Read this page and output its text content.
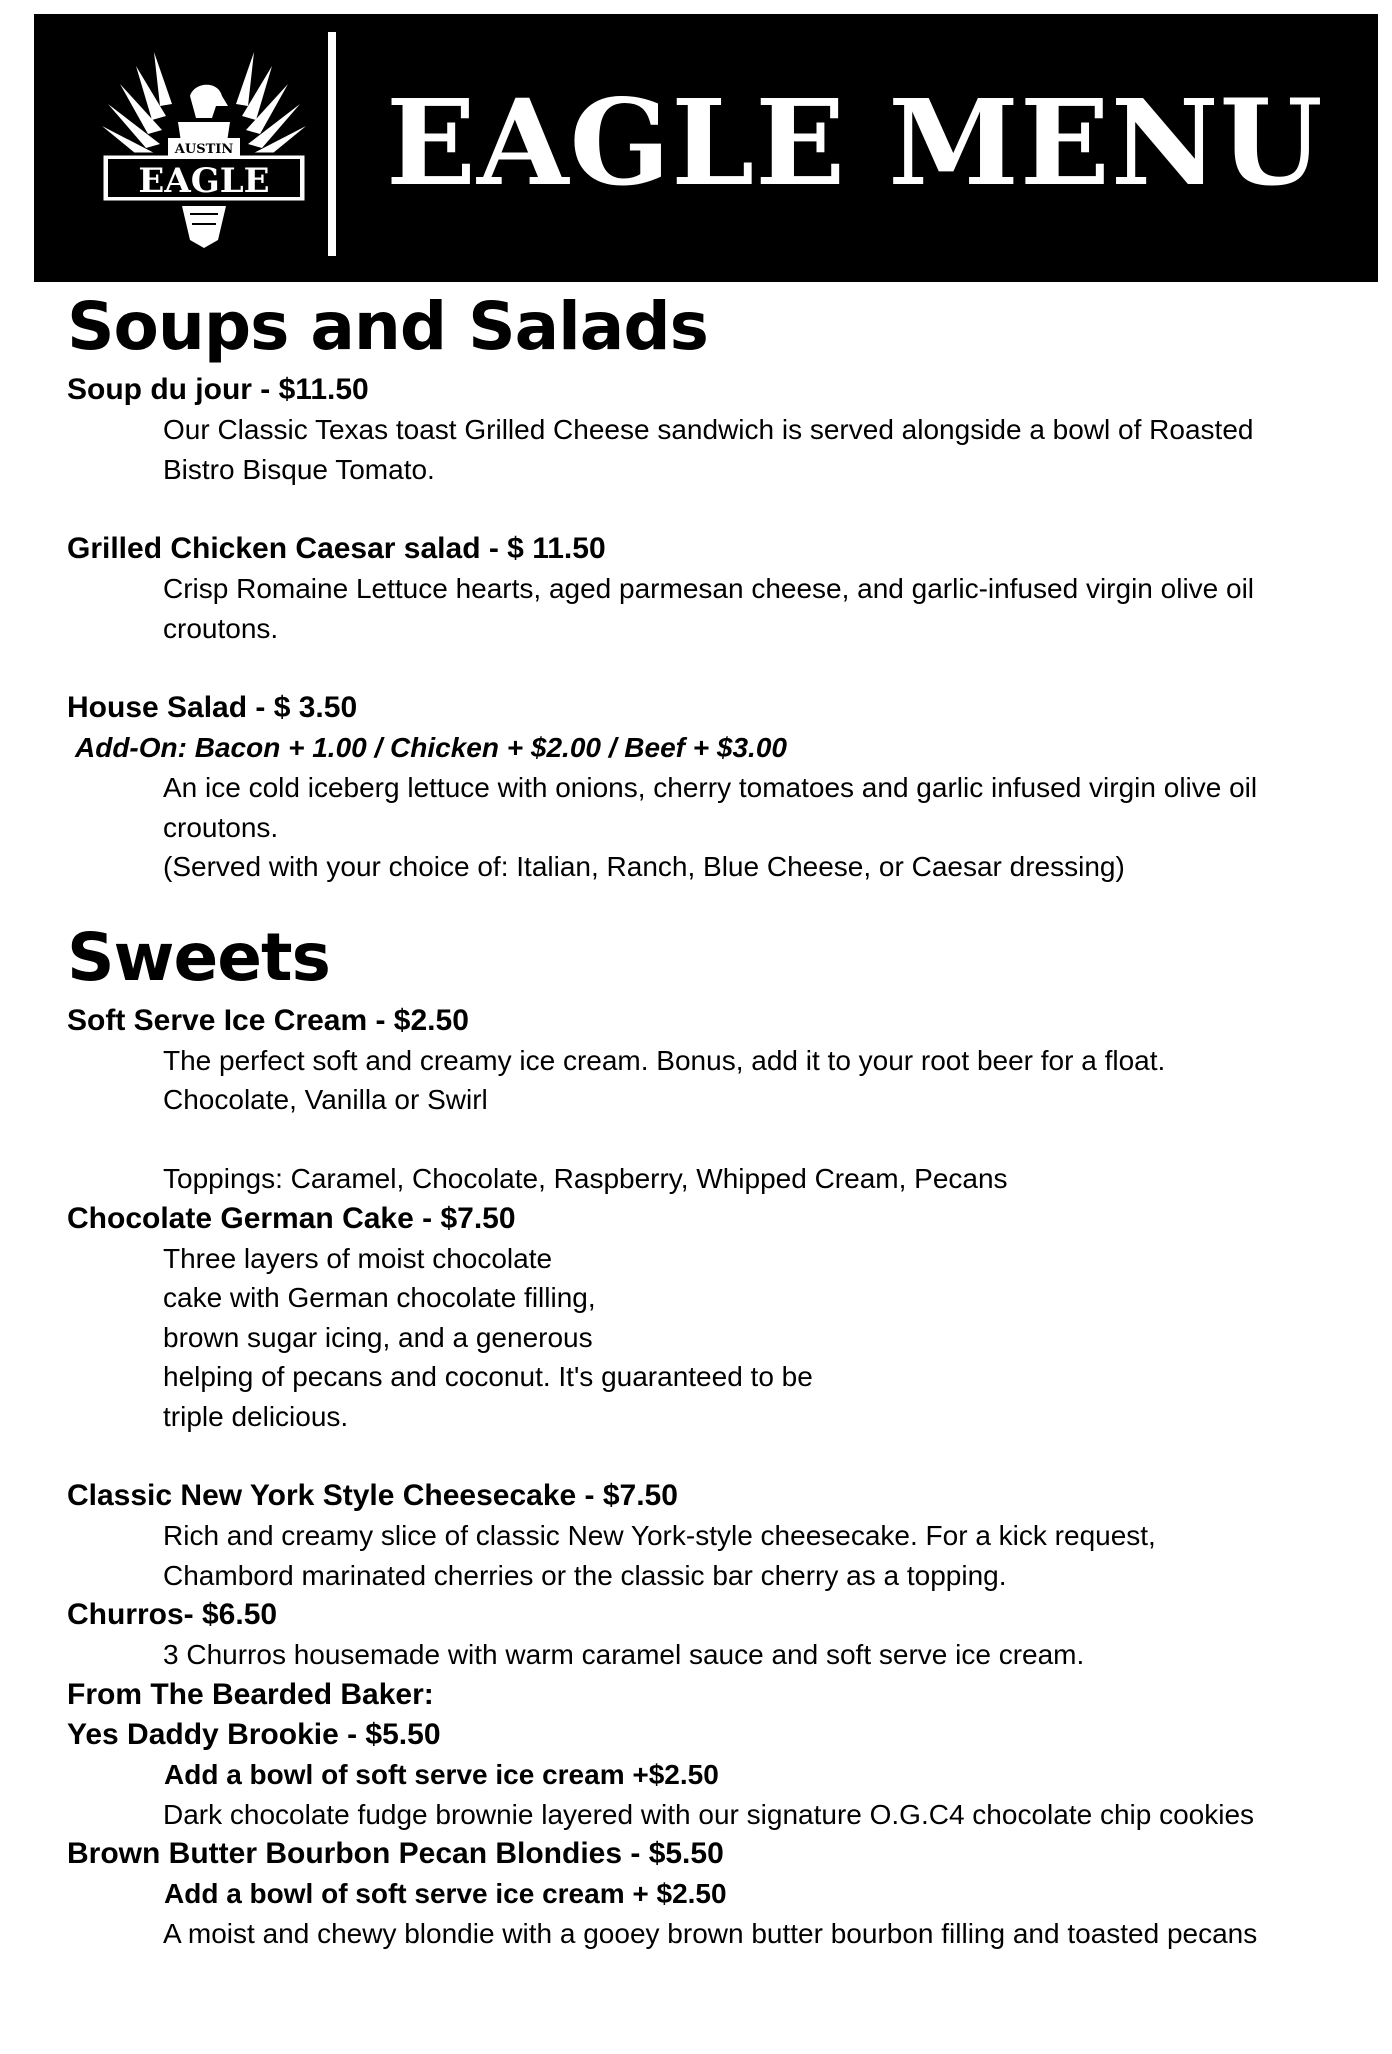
AUSTIN
EAGLE EAGLE MENU
Soups and Salads
Soup du jour - $11.50
Our Classic Texas toast Grilled Cheese sandwich is served alongside a bowl of Roasted
Bistro Bisque Tomato.
Grilled Chicken Caesar salad - $ 11.50
Crisp Romaine Lettuce hearts, aged parmesan cheese, and garlic-infused virgin olive oil
croutons.
House Salad - $ 3.50
Add-On: Bacon + 1.00 / Chicken + $2.00 / Beef + $3.00
An ice cold iceberg lettuce with onions, cherry tomatoes and garlic infused virgin olive oil
croutons.
(Served with your choice of: Italian, Ranch, Blue Cheese, or Caesar dressing)
Sweets
Soft Serve Ice Cream - $2.50
The perfect soft and creamy ice cream. Bonus, add it to your root beer for a float.
Chocolate, Vanilla or Swirl
Toppings: Caramel, Chocolate, Raspberry, Whipped Cream, Pecans
Chocolate German Cake - $7.50
Three layers of moist chocolate
cake with German chocolate filling,
brown sugar icing, and a generous
helping of pecans and coconut. It's guaranteed to be
triple delicious.
Classic New York Style Cheesecake - $7.50
Rich and creamy slice of classic New York-style cheesecake. For a kick request,
Chambord marinated cherries or the classic bar cherry as a topping.
Churros- $6.50
3 Churros housemade with warm caramel sauce and soft serve ice cream.
From The Bearded Baker:
Yes Daddy Brookie - $5.50
Add a bowl of soft serve ice cream +$2.50
Dark chocolate fudge brownie layered with our signature O.G.C4 chocolate chip cookies
Brown Butter Bourbon Pecan Blondies - $5.50
Add a bowl of soft serve ice cream + $2.50
A moist and chewy blondie with a gooey brown butter bourbon filling and toasted pecans
